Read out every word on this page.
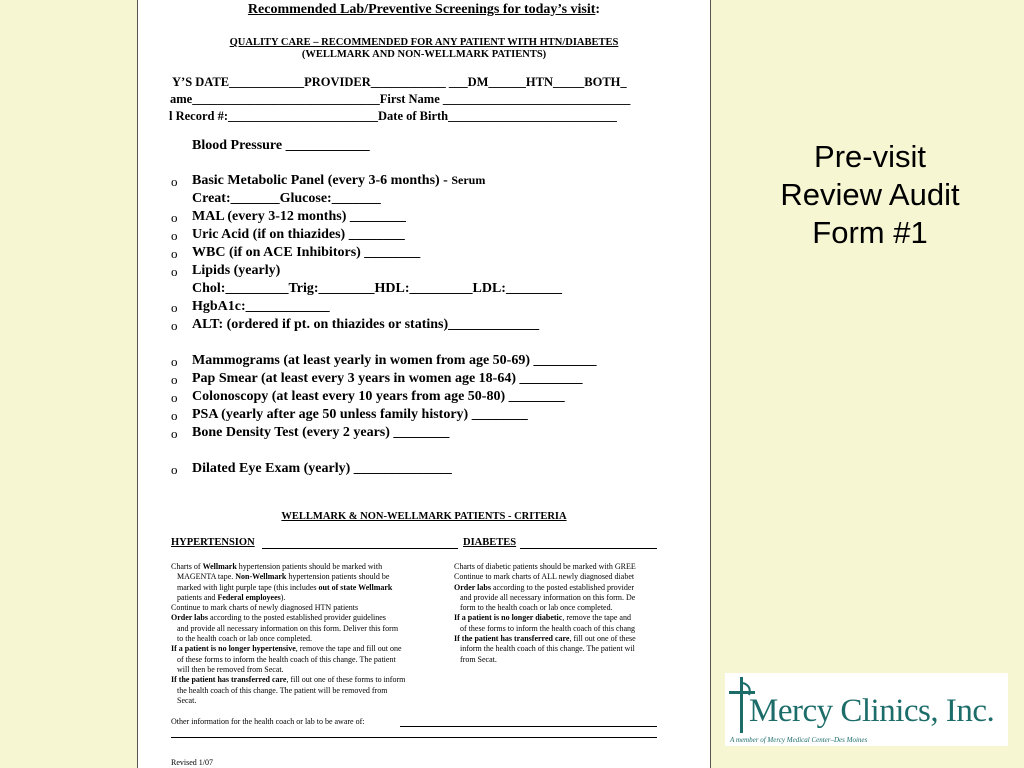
Recommended Lab/Preventive Screenings for today’s visit:
QUALITY CARE – RECOMMENDED FOR ANY PATIENT WITH HTN/DIABETES
(WELLMARK AND NON-WELLMARK PATIENTS)
Y’S DATE____________PROVIDER____________ ___DM______HTN_____BOTH_
ame______________________________First Name ______________________________
l Record #:________________________Date of Birth___________________________
Blood Pressure ____________
o Basic Metabolic Panel (every 3-6 months) - Serum
Creat:_______Glucose:_______
o MAL (every 3-12 months) ________
o Uric Acid (if on thiazides) ________
o WBC (if on ACE Inhibitors) ________
o Lipids (yearly)
Chol:_________Trig:________HDL:_________LDL:________
o HgbA1c:____________
o ALT: (ordered if pt. on thiazides or statins)_____________
o Mammograms (at least yearly in women from age 50-69) _________
o Pap Smear (at least every 3 years in women age 18-64) _________
o Colonoscopy (at least every 10 years from age 50-80) ________
o PSA (yearly after age 50 unless family history) ________
o Bone Density Test (every 2 years) ________
o Dilated Eye Exam (yearly) ______________
WELLMARK & NON-WELLMARK PATIENTS - CRITERIA
HYPERTENSION	DIABETES
Charts of Wellmark hypertension patients should be marked with
MAGENTA tape. Non-Wellmark hypertension patients should be
marked with light purple tape (this includes out of state Wellmark
patients and Federal employees).
Continue to mark charts of newly diagnosed HTN patients
Order labs according to the posted established provider guidelines
and provide all necessary information on this form. Deliver this form
to the health coach or lab once completed.
If a patient is no longer hypertensive, remove the tape and fill out one
of these forms to inform the health coach of this change. The patient
will then be removed from Secat.
If the patient has transferred care, fill out one of these forms to inform
the health coach of this change. The patient will be removed from
Secat.
Charts of diabetic patients should be marked with GREE
Continue to mark charts of ALL newly diagnosed diabet
Order labs according to the posted established provider
and provide all necessary information on this form. De
form to the health coach or lab once completed.
If a patient is no longer diabetic, remove the tape and
of these forms to inform the health coach of this chang
If the patient has transferred care, fill out one of these
inform the health coach of this change. The patient wil
from Secat.
Other information for the health coach or lab to be aware of:
Revised 1/07
Pre-visit
Review Audit
Form #1
Mercy Clinics, Inc.
A member of Mercy Medical Center–Des Moines
